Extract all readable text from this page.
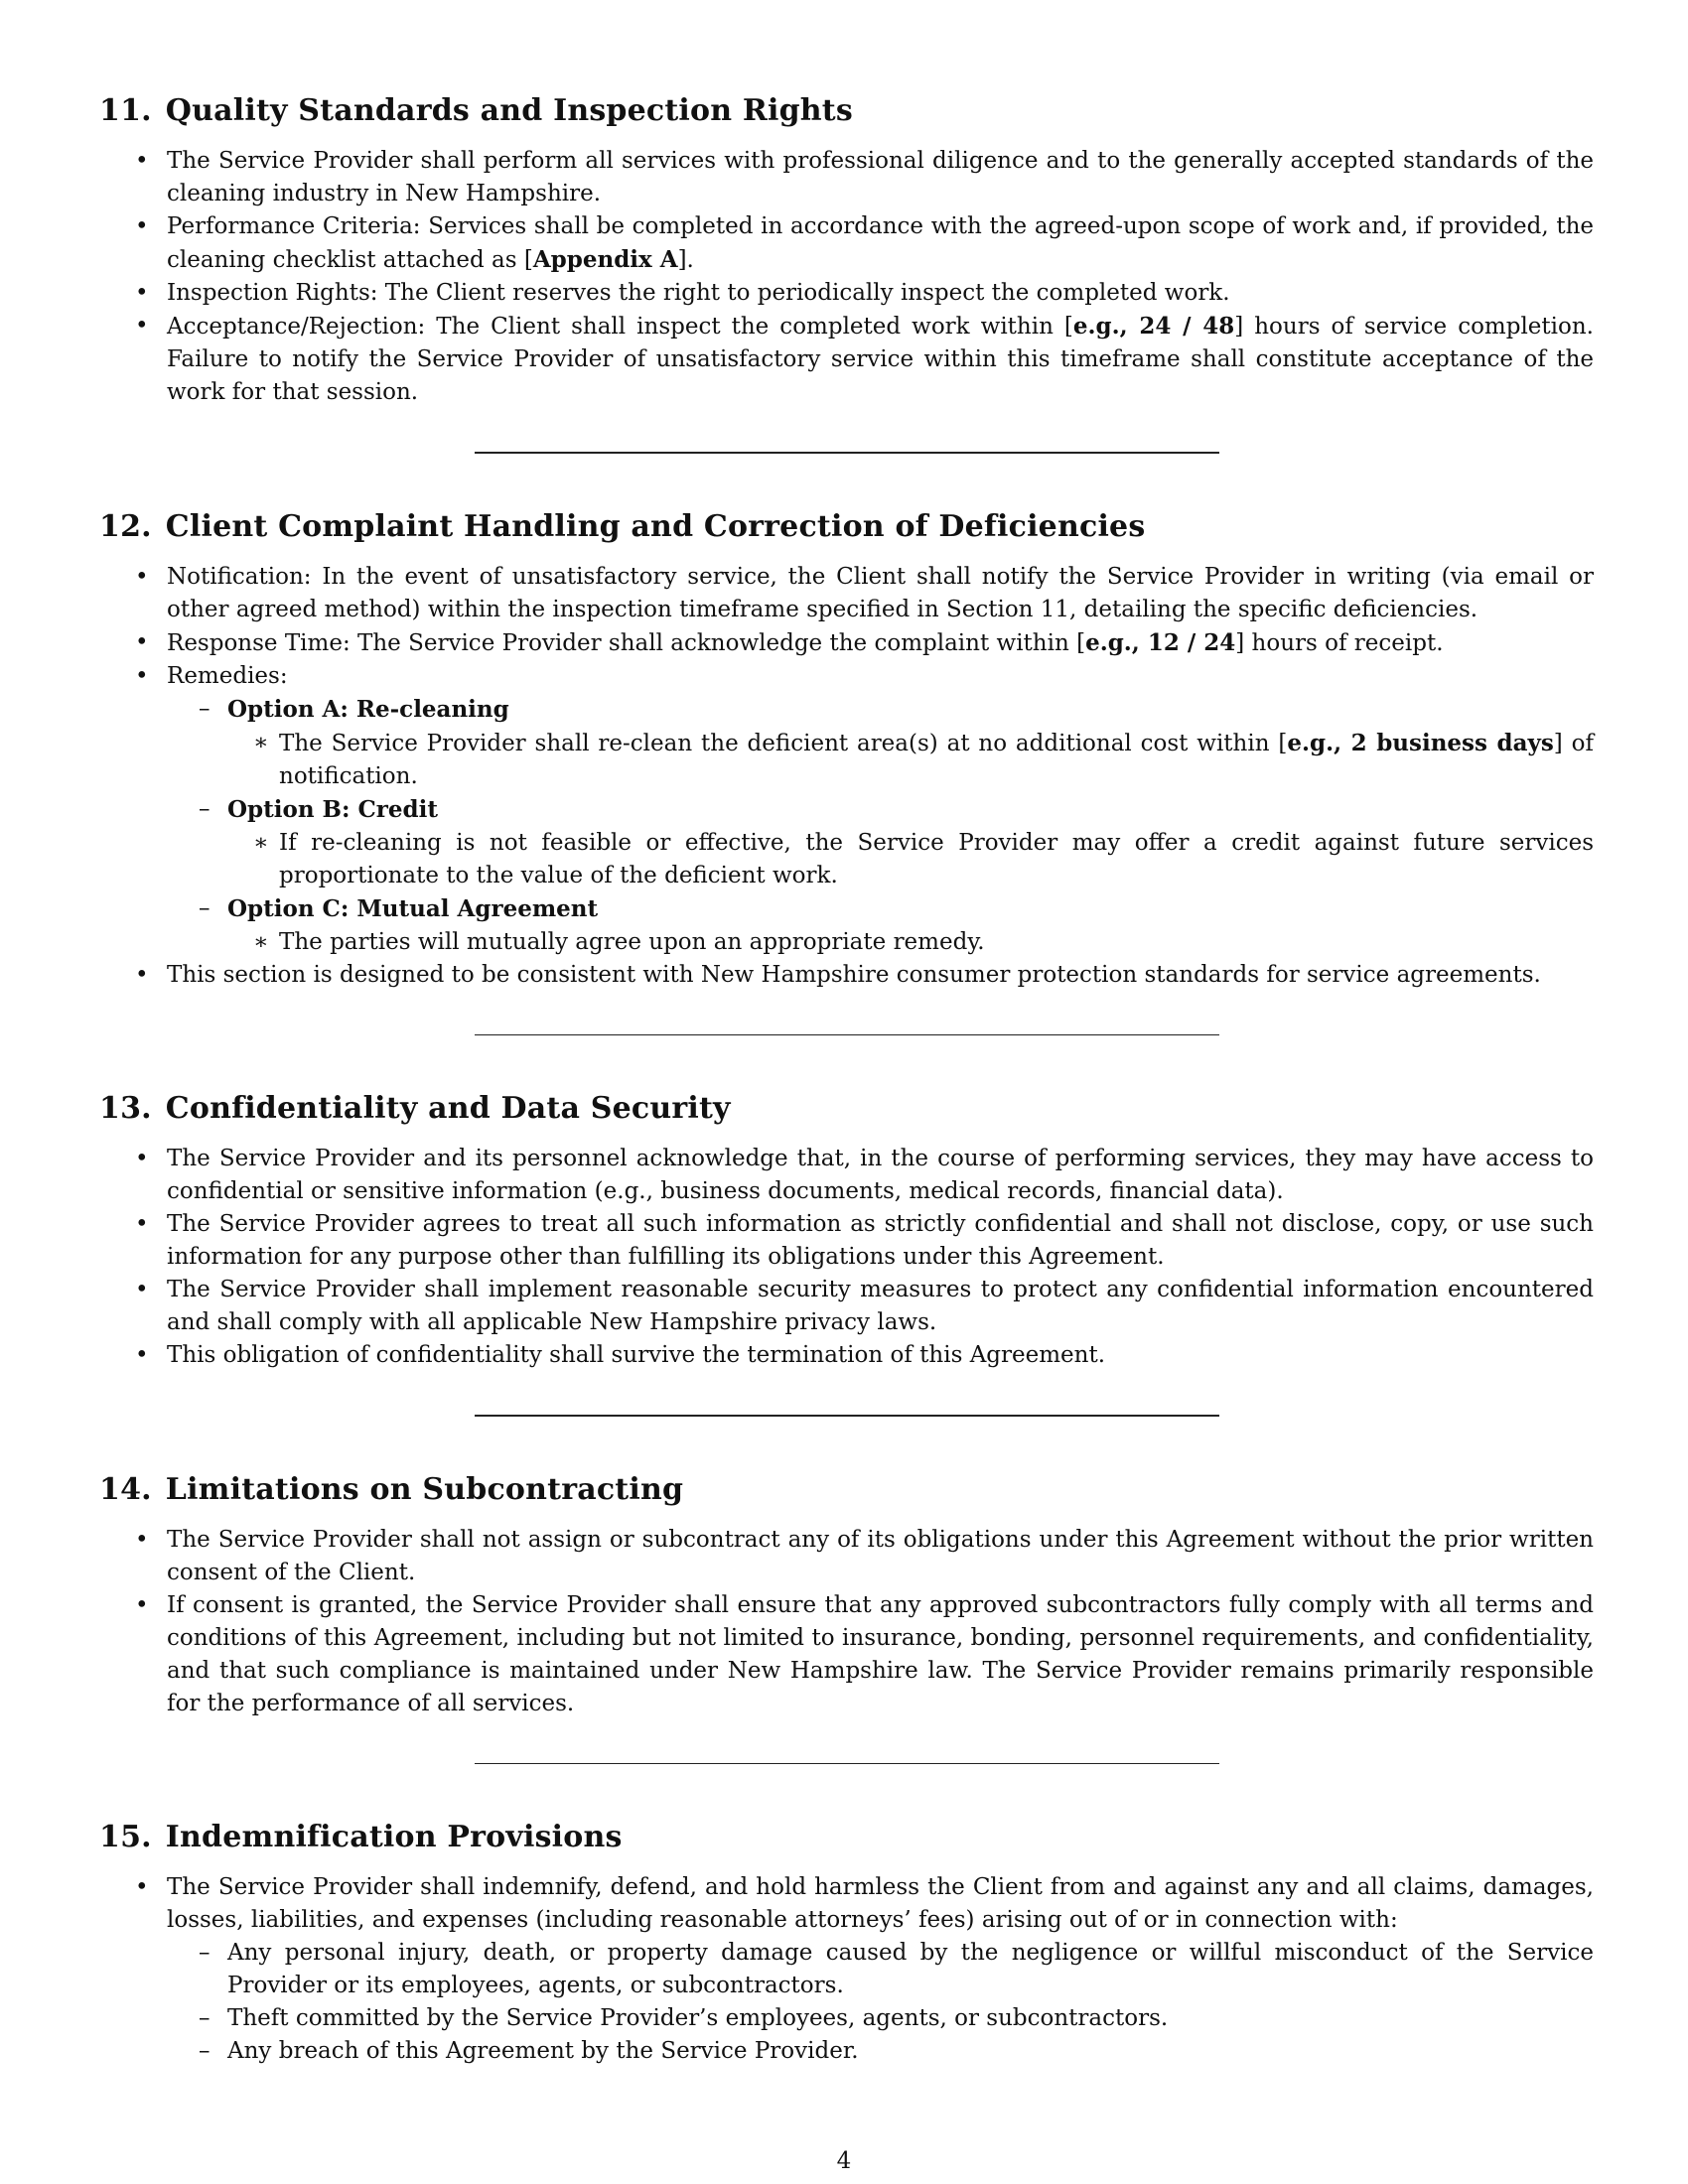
11. Quality Standards and Inspection Rights
• The Service Provider shall perform all services with professional diligence and to the generally accepted standards of the cleaning industry in New Hampshire.
• Performance Criteria: Services shall be completed in accordance with the agreed-upon scope of work and, if provided, the cleaning checklist attached as [Appendix A].
• Inspection Rights: The Client reserves the right to periodically inspect the completed work.
• Acceptance/Rejection: The Client shall inspect the completed work within [e.g., 24 / 48] hours of service completion. Failure to notify the Service Provider of unsatisfactory service within this timeframe shall constitute acceptance of the work for that session.
12. Client Complaint Handling and Correction of Deficiencies
• Notification: In the event of unsatisfactory service, the Client shall notify the Service Provider in writing (via email or other agreed method) within the inspection timeframe specified in Section 11, detailing the specific deficiencies.
• Response Time: The Service Provider shall acknowledge the complaint within [e.g., 12 / 24] hours of receipt.
• Remedies:
– Option A: Re-cleaning
∗ The Service Provider shall re-clean the deficient area(s) at no additional cost within [e.g., 2 business days] of notification.
– Option B: Credit
∗ If re-cleaning is not feasible or effective, the Service Provider may offer a credit against future services proportionate to the value of the deficient work.
– Option C: Mutual Agreement
∗ The parties will mutually agree upon an appropriate remedy.
• This section is designed to be consistent with New Hampshire consumer protection standards for service agreements.
13. Confidentiality and Data Security
• The Service Provider and its personnel acknowledge that, in the course of performing services, they may have access to confidential or sensitive information (e.g., business documents, medical records, financial data).
• The Service Provider agrees to treat all such information as strictly confidential and shall not disclose, copy, or use such information for any purpose other than fulfilling its obligations under this Agreement.
• The Service Provider shall implement reasonable security measures to protect any confidential information encountered and shall comply with all applicable New Hampshire privacy laws.
• This obligation of confidentiality shall survive the termination of this Agreement.
14. Limitations on Subcontracting
• The Service Provider shall not assign or subcontract any of its obligations under this Agreement without the prior written consent of the Client.
• If consent is granted, the Service Provider shall ensure that any approved subcontractors fully comply with all terms and conditions of this Agreement, including but not limited to insurance, bonding, personnel requirements, and confidentiality, and that such compliance is maintained under New Hampshire law. The Service Provider remains primarily responsible for the performance of all services.
15. Indemnification Provisions
• The Service Provider shall indemnify, defend, and hold harmless the Client from and against any and all claims, damages, losses, liabilities, and expenses (including reasonable attorneys’ fees) arising out of or in connection with:
– Any personal injury, death, or property damage caused by the negligence or willful misconduct of the Service Provider or its employees, agents, or subcontractors.
– Theft committed by the Service Provider’s employees, agents, or subcontractors.
– Any breach of this Agreement by the Service Provider.
4
